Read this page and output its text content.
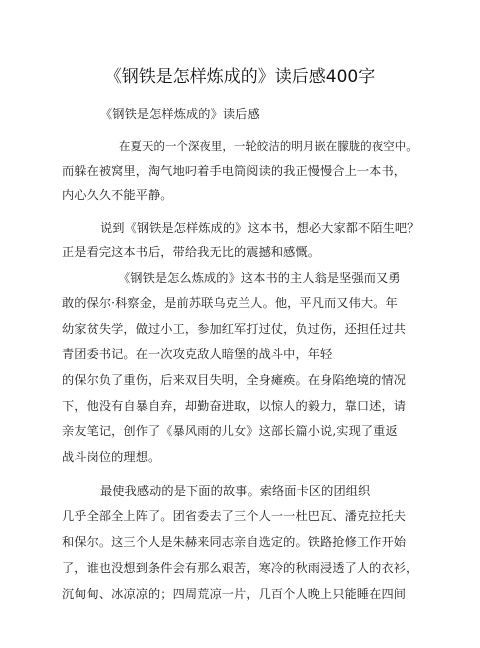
《钢铁是怎样炼成的》读后感400字
《钢铁是怎样炼成的》读后感
在夏天的一个深夜里，一轮皎洁的明月嵌在朦胧的夜空中。
而躲在被窝里，淘气地叼着手电筒阅读的我正慢慢合上一本书，
内心久久不能平静。
说到《钢铁是怎样炼成的》这本书，想必大家都不陌生吧？
正是看完这本书后，带给我无比的震撼和感慨。
《钢铁是怎么炼成的》这本书的主人翁是坚强而又勇
敢的保尔·科察金，是前苏联乌克兰人。他，平凡而又伟大。年
幼家贫失学，做过小工，参加红军打过仗，负过伤，还担任过共
青团委书记。在一次攻克敌人暗堡的战斗中，年轻
的保尔负了重伤，后来双目失明，全身瘫痪。在身陷绝境的情况
下，他没有自暴自弃，却勤奋进取，以惊人的毅力，靠口述，请
亲友笔记，创作了《暴风雨的儿女》这部长篇小说,实现了重返
战斗岗位的理想。
最使我感动的是下面的故事。索络面卡区的团组织
几乎全部全上阵了。团省委去了三个人一一杜巴瓦、潘克拉托夫
和保尔。这三个人是朱赫来同志亲自选定的。铁路抢修工作开始
了，谁也没想到条件会有那么艰苦，寒冷的秋雨浸透了人的衣衫，
沉甸甸、冰凉凉的；四周荒凉一片，几百个人晚上只能睡在四间
